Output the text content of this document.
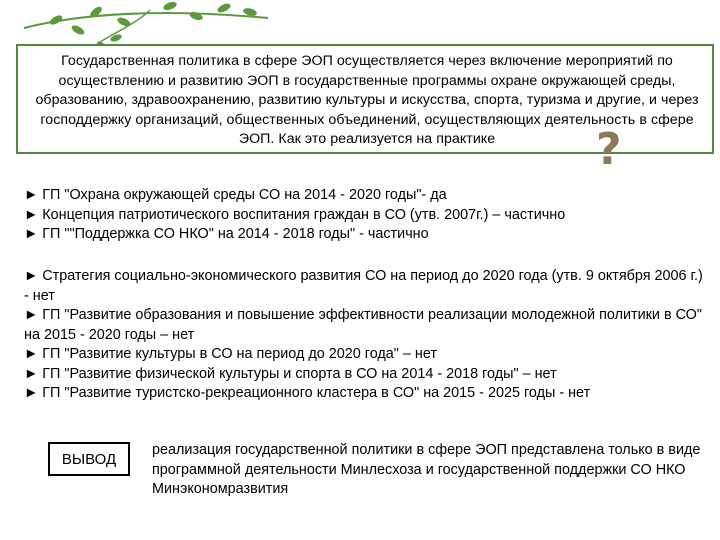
Государственная политика в сфере ЭОП осуществляется через включение мероприятий по осуществлению и развитию ЭОП в государственные программы охране окружающей среды, образованию, здравоохранению, развитию культуры и искусства, спорта, туризма и другие, и через господдержку организаций, общественных объединений, осуществляющих деятельность в сфере ЭОП. Как это реализуется на практике	?
► ГП "Охрана окружающей среды СО на 2014 - 2020 годы"- да
► Концепция патриотического воспитания граждан в СО (утв. 2007г.) – частично
► ГП ""Поддержка СО НКО" на 2014 - 2018 годы" - частично
► Стратегия социально-экономического развития СО на период до 2020 года (утв. 9 октября 2006 г.) - нет
► ГП "Развитие образования и повышение эффективности реализации молодежной политики в СО" на 2015 - 2020 годы – нет
► ГП "Развитие культуры в СО на период до 2020 года" – нет
► ГП "Развитие физической культуры и спорта в СО на 2014 - 2018 годы" – нет
► ГП "Развитие туристско-рекреационного кластера в СО" на 2015 - 2025 годы - нет
ВЫВОД
реализация государственной политики в сфере ЭОП представлена только в виде программной деятельности Минлесхоза и государственной поддержки СО НКО Минэкономразвития
